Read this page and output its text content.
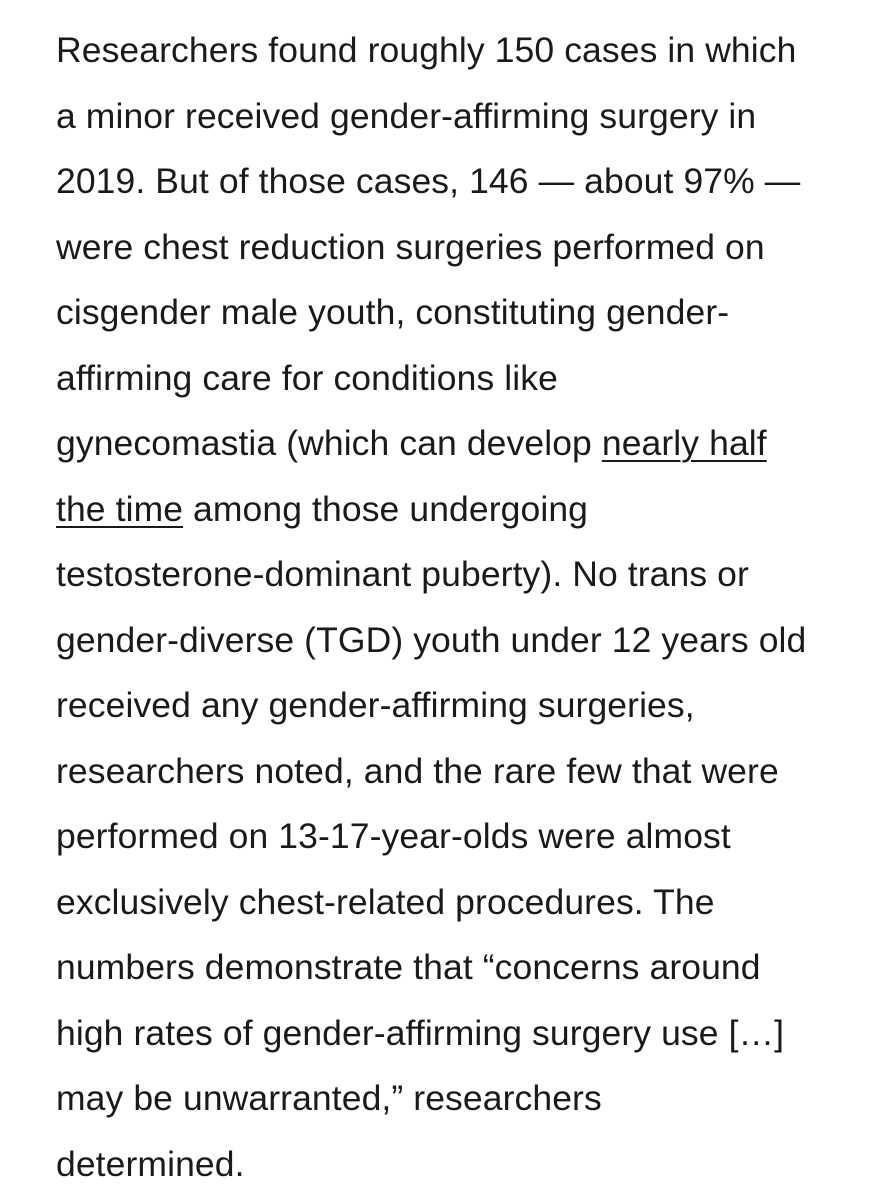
Researchers found roughly 150 cases in which
a minor received gender-affirming surgery in
2019. But of those cases, 146 — about 97% —
were chest reduction surgeries performed on
cisgender male youth, constituting gender-
affirming care for conditions like
gynecomastia (which can develop nearly half
the time among those undergoing
testosterone-dominant puberty). No trans or
gender-diverse (TGD) youth under 12 years old
received any gender-affirming surgeries,
researchers noted, and the rare few that were
performed on 13-17-year-olds were almost
exclusively chest-related procedures. The
numbers demonstrate that “concerns around
high rates of gender-affirming surgery use […]
may be unwarranted,” researchers
determined.
